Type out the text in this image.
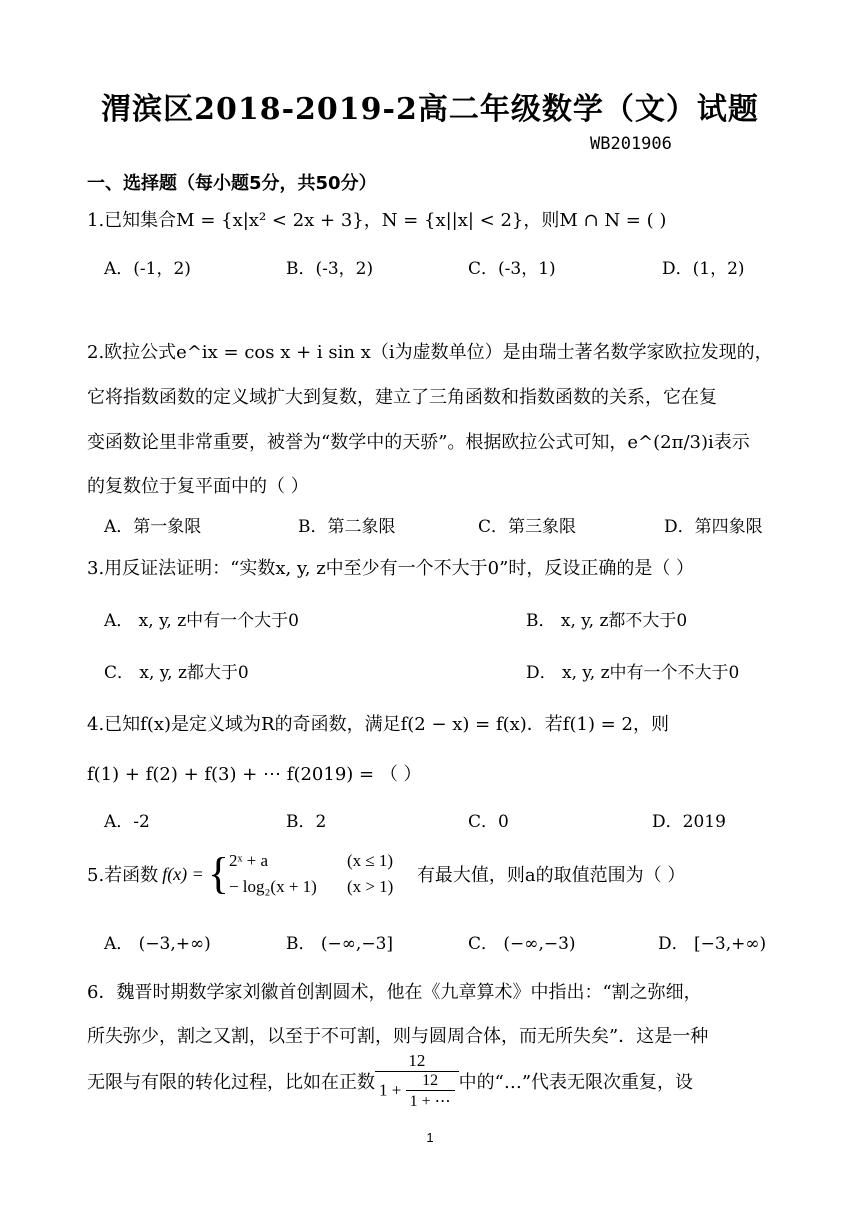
渭滨区2018-2019-2高二年级数学（文）试题
WB201906
一、选择题（每小题5分，共50分）
1.已知集合M = {x|x² < 2x + 3}，N = {x||x| < 2}，则M ∩ N = ( )
A．(-1，2)	B．(-3，2)	C．(-3，1)	D．(1，2)
2.欧拉公式e^ix = cos x + i sin x（i为虚数单位）是由瑞士著名数学家欧拉发现的，
它将指数函数的定义域扩大到复数，建立了三角函数和指数函数的关系，它在复
变函数论里非常重要，被誉为“数学中的天骄”。根据欧拉公式可知，e^(2π/3)i表示
的复数位于复平面中的（ ）
A．第一象限	B．第二象限	C．第三象限	D．第四象限
3.用反证法证明：“实数x, y, z中至少有一个不大于0”时，反设正确的是（ ）
A． x, y, z中有一个大于0	B． x, y, z都不大于0
C． x, y, z都大于0	D． x, y, z中有一个不大于0
4.已知f(x)是定义域为R的奇函数，满足f(2 − x) = f(x)．若f(1) = 2，则
f(1) + f(2) + f(3) + ⋯ f(2019) = （ ）
A．-2	B．2	C．0	D．2019
5.若函数 f(x) = { 2ˣ + a
− log₂(x + 1)
(x ≤ 1)
(x > 1)
有最大值，则a的取值范围为（ ）
A． (−3,+∞)	B． (−∞,−3]	C． (−∞,−3)	D． [−3,+∞)
6．魏晋时期数学家刘徽首创割圆术，他在《九章算术》中指出：“割之弥细，
所失弥少，割之又割，以至于不可割，则与圆周合体，而无所失矣”．这是一种
无限与有限的转化过程，比如在正数 $\frac{12}{1 + \frac{12}{1 + \cdots}}$ 中的“…”代表无限次重复，设
1
